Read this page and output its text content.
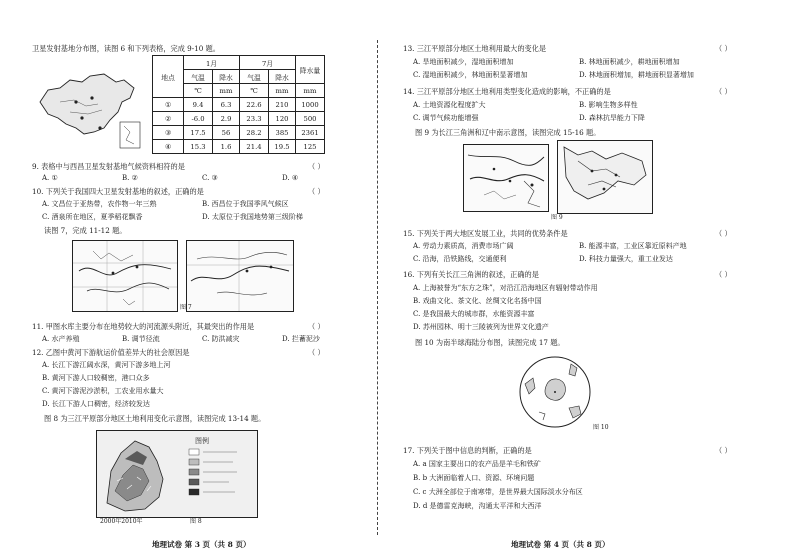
卫星发射基地分布图，读图 6 和下列表格，完成 9-10 题。
地点	1月		7月		降水量
	气温	降水	气温	降水	
	℃	mm	℃	mm	mm
①	9.4	6.3	22.6	210	1000
②	-6.0	2.9	23.3	120	500
③	17.5	56	28.2	385	2361
④	15.3	1.6	21.4	19.5	125
9. 表格中与西昌卫星发射基地气候资料相符的是	（ ）
A. ①	B. ②	C. ③	D. ④
10. 下列关于我国四大卫星发射基地的叙述，正确的是	（ ）
A. 文昌位于亚热带，农作物一年三熟	B. 西昌位于我国季风气候区
C. 酒泉所在地区，夏季稻花飘香	D. 太原位于我国地势第三级阶梯
读图 7，完成 11-12 题。
图 7
11. 甲图水库主要分布在地势较大的河流源头附近，其最突出的作用是	（ ）
A. 水产养殖	B. 调节径流	C. 防洪减灾	D. 拦蓄泥沙
12. 乙图中黄河下游航运价值差异大的社会原因是	（ ）
A. 长江下游江阔水深，黄河下游多地上河
B. 黄河下游人口较稠密，港口众多
C. 黄河下游泥沙淤积，工农业用水量大
D. 长江下游人口稠密，经济较发达
图 8 为三江平原部分地区土地利用变化示意图，读图完成 13-14 题。
图例
2000年2010年	图 8
地理试卷 第 3 页（共 8 页）
13. 三江平原部分地区土地利用最大的变化是	（ ）
A. 旱地面积减少，湿地面积增加	B. 林地面积减少，耕地面积增加
C. 湿地面积减少，林地面积显著增加	D. 林地面积增加，耕地面积显著增加
14. 三江平原部分地区土地利用类型变化造成的影响，不正确的是	（ ）
A. 土地资源化程度扩大	B. 影响生物多样性
C. 调节气候功能增强	D. 森林抗旱能力下降
图 9 为长江三角洲和辽中南示意图，读图完成 15-16 题。
图 9
15. 下列关于两大地区发展工业，共同的优势条件是	（ ）
A. 劳动力素质高，消费市场广阔	B. 能源丰富，工业区靠近原料产地
C. 沿海，沿铁路线，交通便利	D. 科技力量强大，重工业发达
16. 下列有关长江三角洲的叙述，正确的是	（ ）
A. 上海被誉为“东方之珠”，对沿江沿海地区有辐射带动作用
B. 戏曲文化、茶文化、丝绸文化名扬中国
C. 是我国最大的城市群，水能资源丰富
D. 苏州园林、明十三陵被列为世界文化遗产
图 10 为南半球海陆分布图，读图完成 17 题。
图 10
17. 下列关于图中信息的判断，正确的是	（ ）
A. a 国家主要出口的农产品是羊毛和铁矿
B. b 大洲面临着人口、资源、环境问题
C. c 大洲全部位于南寒带，是世界最大国际淡水分布区
D. d 是德雷克海峡，沟通太平洋和大西洋
地理试卷 第 4 页（共 8 页）
